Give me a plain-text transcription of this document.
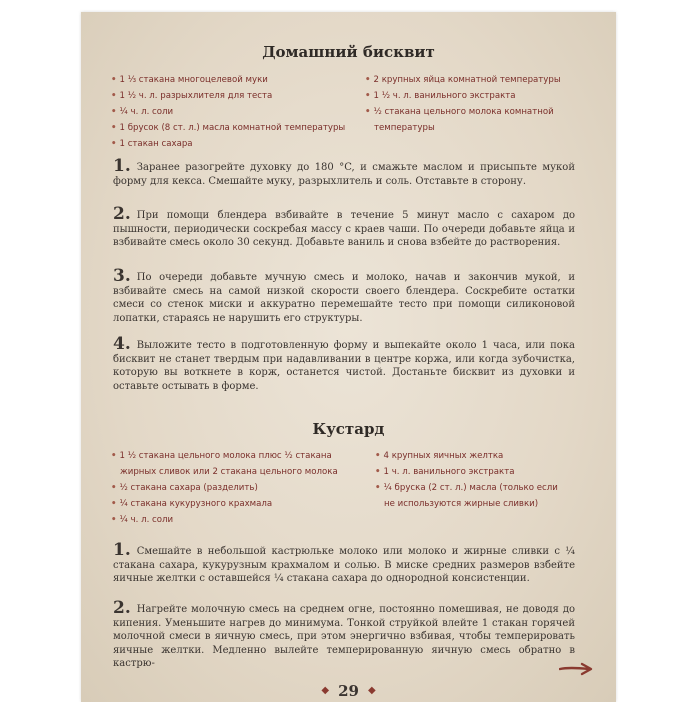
Домашний бисквит
• 1 ⅓ стакана многоцелевой муки
• 1 ½ ч. л. разрыхлителя для теста
• ¼ ч. л. соли
• 1 брусок (8 ст. л.) масла комнатной температуры
• 1 стакан сахара
• 2 крупных яйца комнатной температуры
• 1 ½ ч. л. ванильного экстракта
• ½ стакана цельного молока комнатной
температуры
1. Заранее разогрейте духовку до 180 °C, и смажьте маслом и присыпьте мукой форму для кекса. Смешайте муку, разрыхлитель и соль. Отставьте в сторону.
2. При помощи блендера взбивайте в течение 5 минут масло с сахаром до пышности, периодически соскребая массу с краев чаши. По очереди добавьте яйца и взбивайте смесь около 30 секунд. Добавьте ваниль и снова взбейте до растворения.
3. По очереди добавьте мучную смесь и молоко, начав и закончив мукой, и взбивайте смесь на самой низкой скорости своего блендера. Соскребите остатки смеси со стенок миски и аккуратно перемешайте тесто при помощи силиконовой лопатки, стараясь не нарушить его структуры.
4. Выложите тесто в подготовленную форму и выпекайте около 1 часа, или пока бисквит не станет твердым при надавливании в центре коржа, или когда зубочистка, которую вы воткнете в корж, останется чистой. Достаньте бисквит из духовки и оставьте остывать в форме.
Кустард
• 1 ½ стакана цельного молока плюс ½ стакана
жирных сливок или 2 стакана цельного молока
• ½ стакана сахара (разделить)
• ¼ стакана кукурузного крахмала
• ¼ ч. л. соли
• 4 крупных яичных желтка
• 1 ч. л. ванильного экстракта
• ¼ бруска (2 ст. л.) масла (только если
не используются жирные сливки)
1. Смешайте в небольшой кастрюльке молоко или молоко и жирные сливки с ¼ стакана сахара, кукурузным крахмалом и солью. В миске средних размеров взбейте яичные желтки с оставшейся ¼ стакана сахара до однородной консистенции.
2. Нагрейте молочную смесь на среднем огне, постоянно помешивая, не доводя до кипения. Уменьшите нагрев до минимума. Тонкой струйкой влейте 1 стакан горячей молочной смеси в яичную смесь, при этом энергично взбивая, чтобы темперировать яичные желтки. Медленно вылейте темперированную яичную смесь обратно в кастрю-
◆ 29 ◆
